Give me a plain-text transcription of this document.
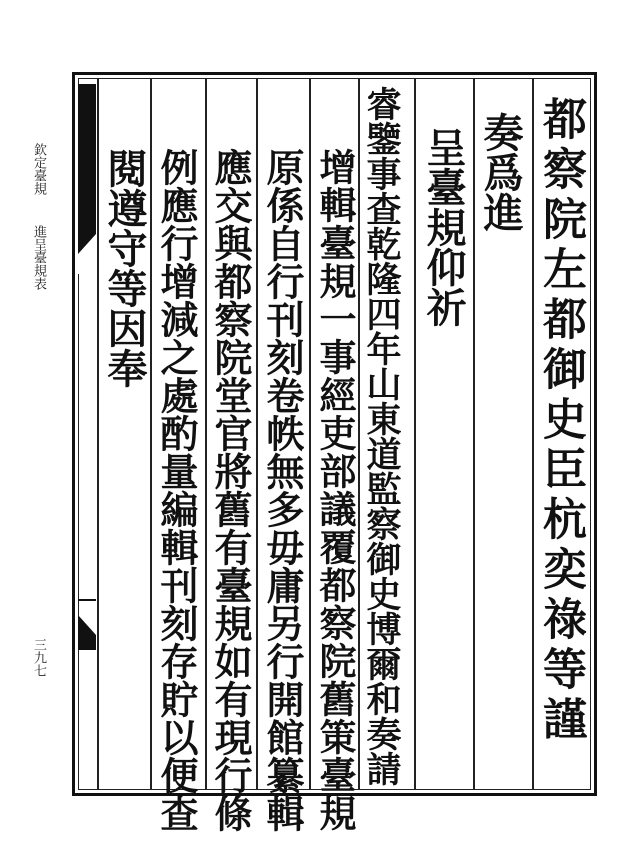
都察院左都御史臣杭奕祿等謹
奏爲進
呈臺規仰祈
睿鑒事查乾隆四年山東道監察御史博爾和奏請
增輯臺規一事經吏部議覆都察院舊䇿臺規
原係自行刊刻卷帙無多毋庸另行開館纂輯
應交與都察院堂官將舊有臺規如有現行條
例應行增減之處酌量編輯刊刻存貯以便查
閱遵守等因奉
欽定臺規
進呈臺規表
三九七
